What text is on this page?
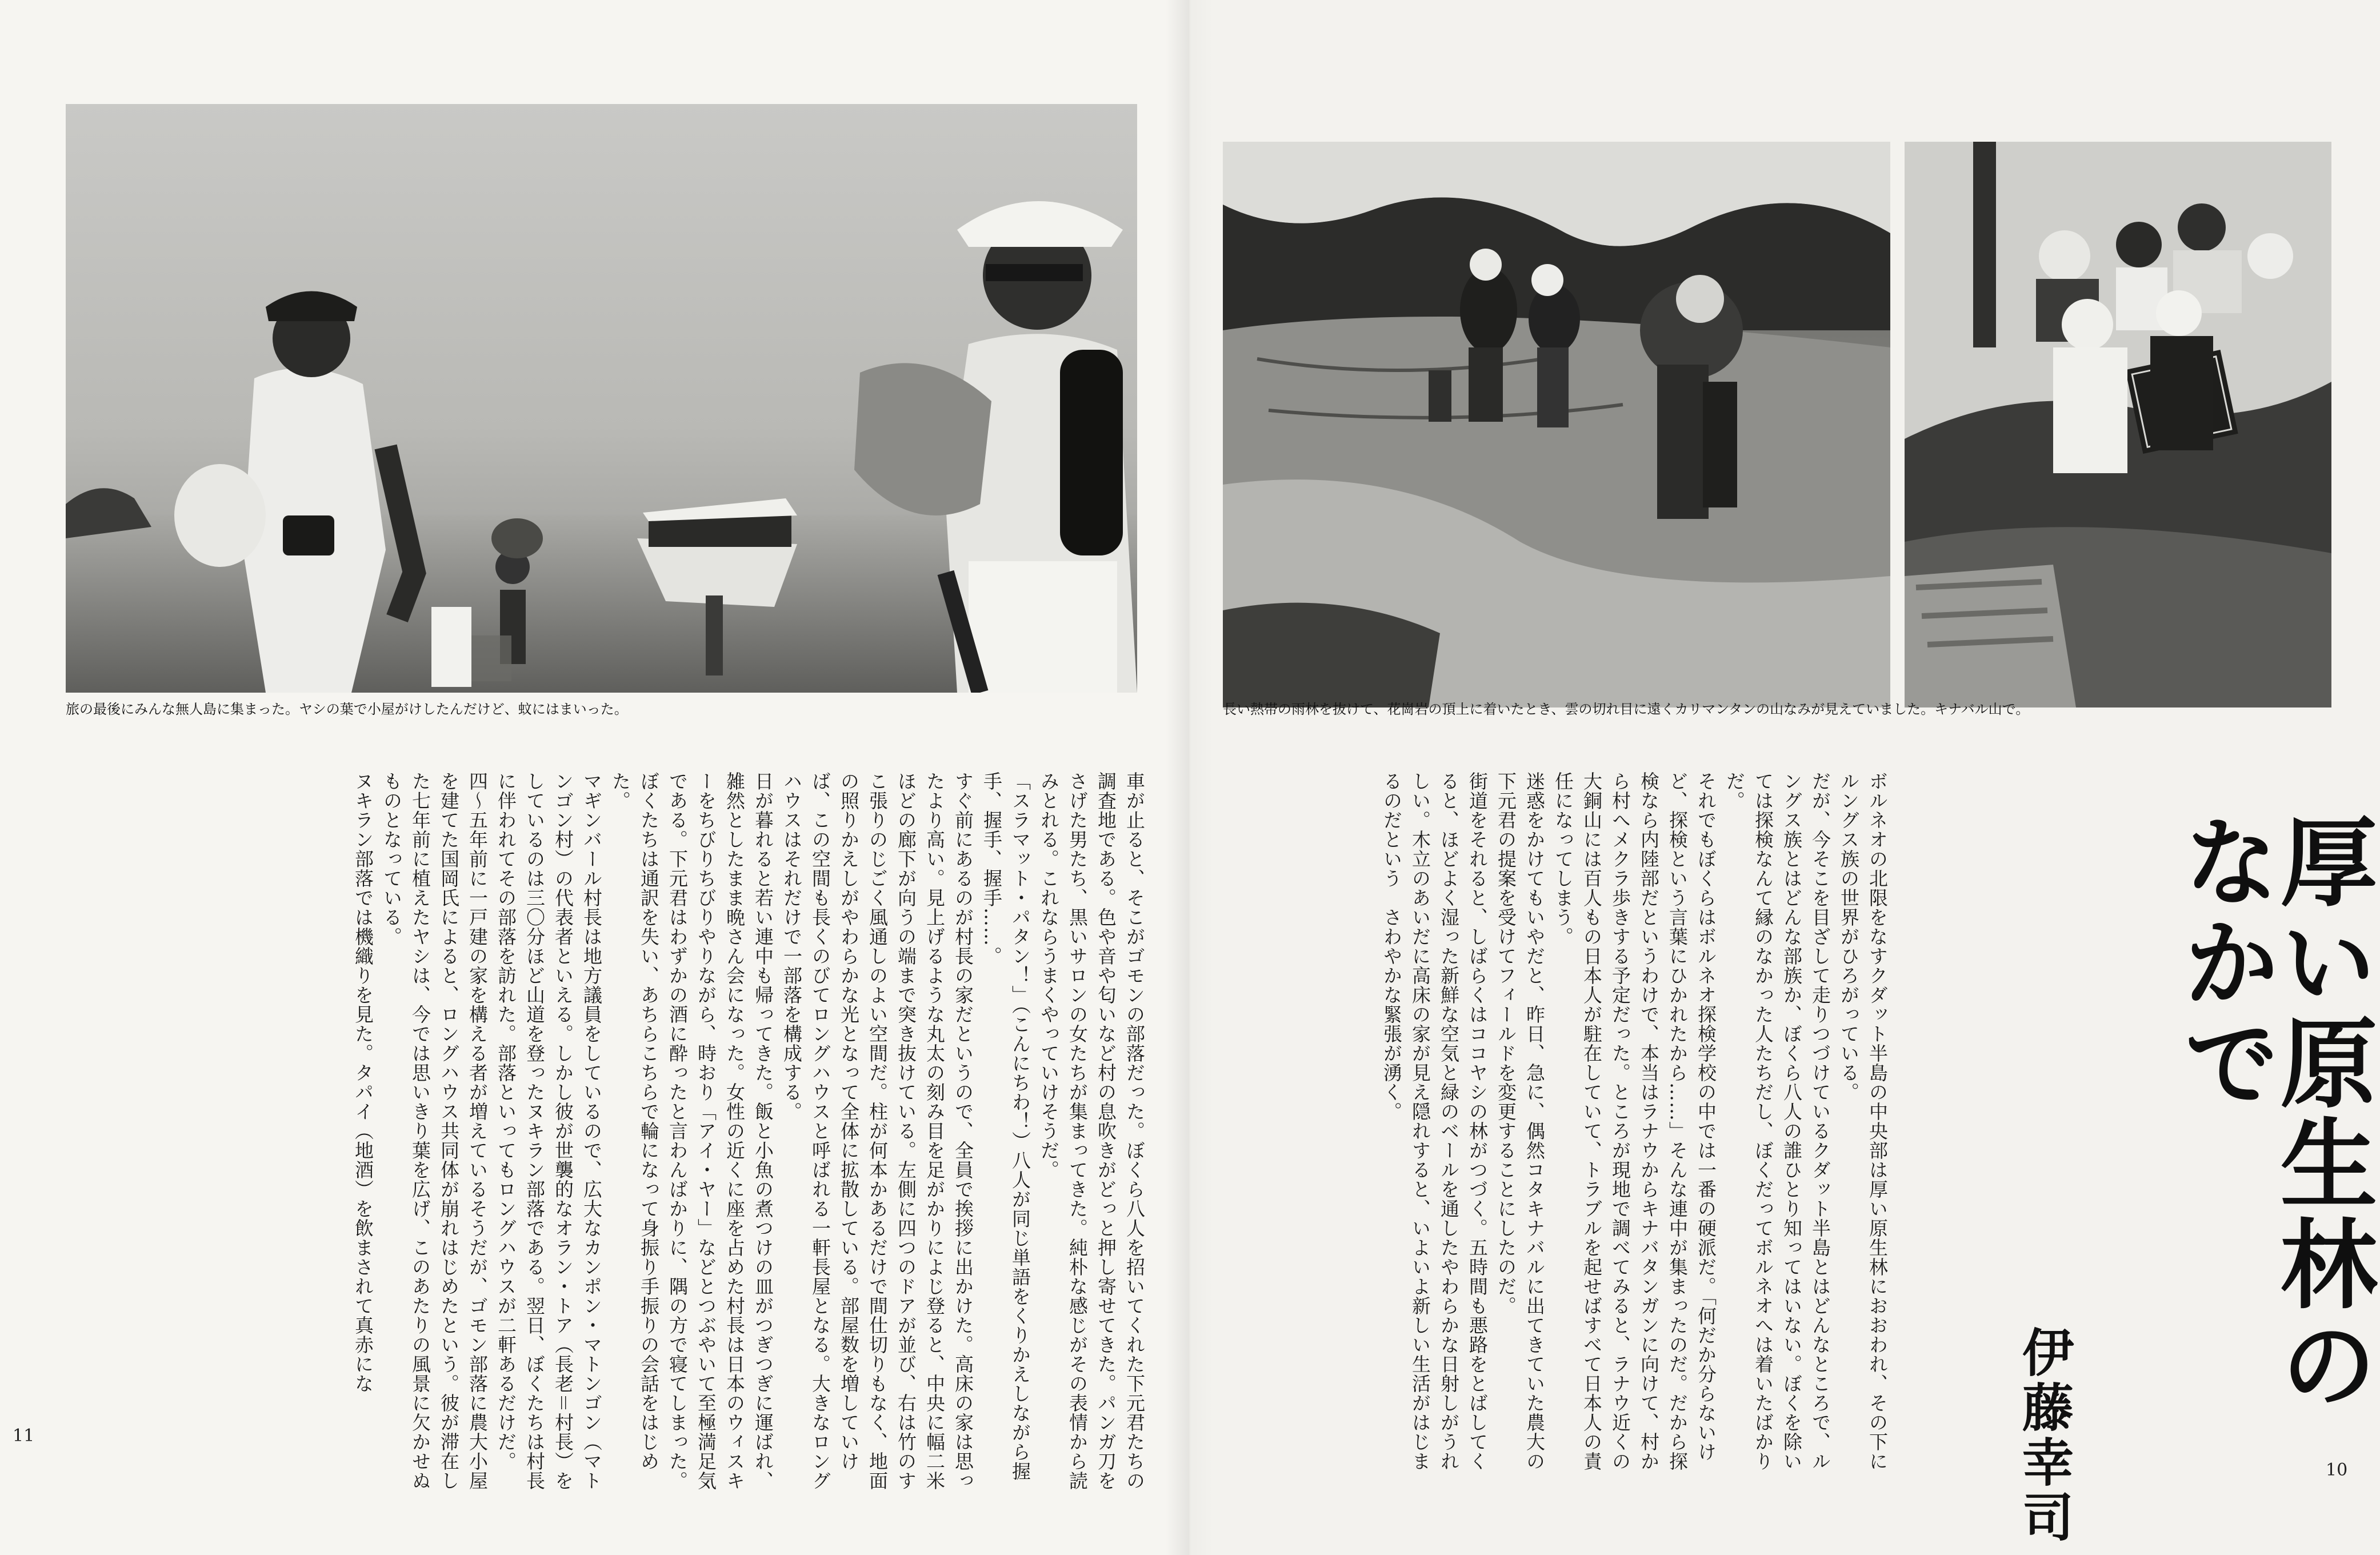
旅の最後にみんな無人島に集まった。ヤシの葉で小屋がけしたんだけど、蚊にはまいった。	長い熱帯の雨林を抜けて、花崗岩の頂上に着いたとき、雲の切れ目に遠くカリマンタンの山なみが見えていました。キナバル山で。

車が止ると、そこがゴモンの部落だった。ぼくら八人を招いてくれた下元君たちの調査地である。色や音や匂いなど村の息吹きがどっと押し寄せてきた。パンガ刀をさげた男たち、黒いサロンの女たちが集まってきた。純朴な感じがその表情から読みとれる。これならうまくやっていけそうだ。

「スラマット・パタン！」（こんにちわ！）八人が同じ単語をくりかえしながら握手、握手、握手……。

すぐ前にあるのが村長の家だというので、全員で挨拶に出かけた。高床の家は思ったより高い。見上げるような丸太の刻み目を足がかりによじ登ると、中央に幅二米ほどの廊下が向うの端まで突き抜けている。左側に四つのドアが並び、右は竹のすこ張りのじごく風通しのよい空間だ。柱が何本かあるだけで間仕切りもなく、地面の照りかえしがやわらかな光となって全体に拡散している。部屋数を増していけば、この空間も長くのびてロングハウスと呼ばれる一軒長屋となる。大きなロングハウスはそれだけで一部落を構成する。

日が暮れると若い連中も帰ってきた。飯と小魚の煮つけの皿がつぎつぎに運ばれ、雑然としたまま晩さん会になった。女性の近くに座を占めた村長は日本のウィスキーをちびりちびりやりながら、時おり「アイ・ヤー」などとつぶやいて至極満足気である。下元君はわずかの酒に酔ったと言わんばかりに、隅の方で寝てしまった。ぼくたちは通訳を失い、あちらこちらで輪になって身振り手振りの会話をはじめた。

マギンバール村長は地方議員をしているので、広大なカンポン・マトンゴン（マトンゴン村）の代表者といえる。しかし彼が世襲的なオラン・トア（長老＝村長）をしているのは三〇分ほど山道を登ったヌキラン部落である。翌日、ぼくたちは村長に伴われてその部落を訪れた。部落といってもロングハウスが二軒あるだけだ。四〜五年前に一戸建の家を構える者が増えているそうだが、ゴモン部落に農大小屋を建てた国岡氏によると、ロングハウス共同体が崩れはじめたという。彼が滞在した七年前に植えたヤシは、今では思いきり葉を広げ、このあたりの風景に欠かせぬものとなっている。

ヌキラン部落では機織りを見た。タパイ（地酒）を飲まされて真赤にな	ボルネオの北限をなすクダット半島の中央部は厚い原生林におおわれ、その下にルングス族の世界がひろがっている。

だが、今そこを目ざして走りつづけているクダット半島とはどんなところで、ルングス族とはどんな部族か、ぼくら八人の誰ひとり知ってはいない。ぼくを除いては探検なんて縁のなかった人たちだし、ぼくだってボルネオへは着いたばかりだ。

それでもぼくらはボルネオ探検学校の中では一番の硬派だ。「何だか分らないけど、探検という言葉にひかれたから……」そんな連中が集まったのだ。だから探検なら内陸部だというわけで、本当はラナウからキナバタンガンに向けて、村から村へメクラ歩きする予定だった。ところが現地で調べてみると、ラナウ近くの大銅山には百人もの日本人が駐在していて、トラブルを起せばすべて日本人の責任になってしまう。

迷惑をかけてもいやだと、昨日、急に、偶然コタキナバルに出てきていた農大の下元君の提案を受けてフィールドを変更することにしたのだ。

街道をそれると、しばらくはココヤシの林がつづく。五時間も悪路をとばしてくると、ほどよく湿った新鮮な空気と緑のベールを通したやわらかな日射しがうれしい。木立のあいだに高床の家が見え隠れすると、いよいよ新しい生活がはじまるのだという　さわやかな緊張が湧く。	厚い原生林のなかで
伊藤幸司
11
10
